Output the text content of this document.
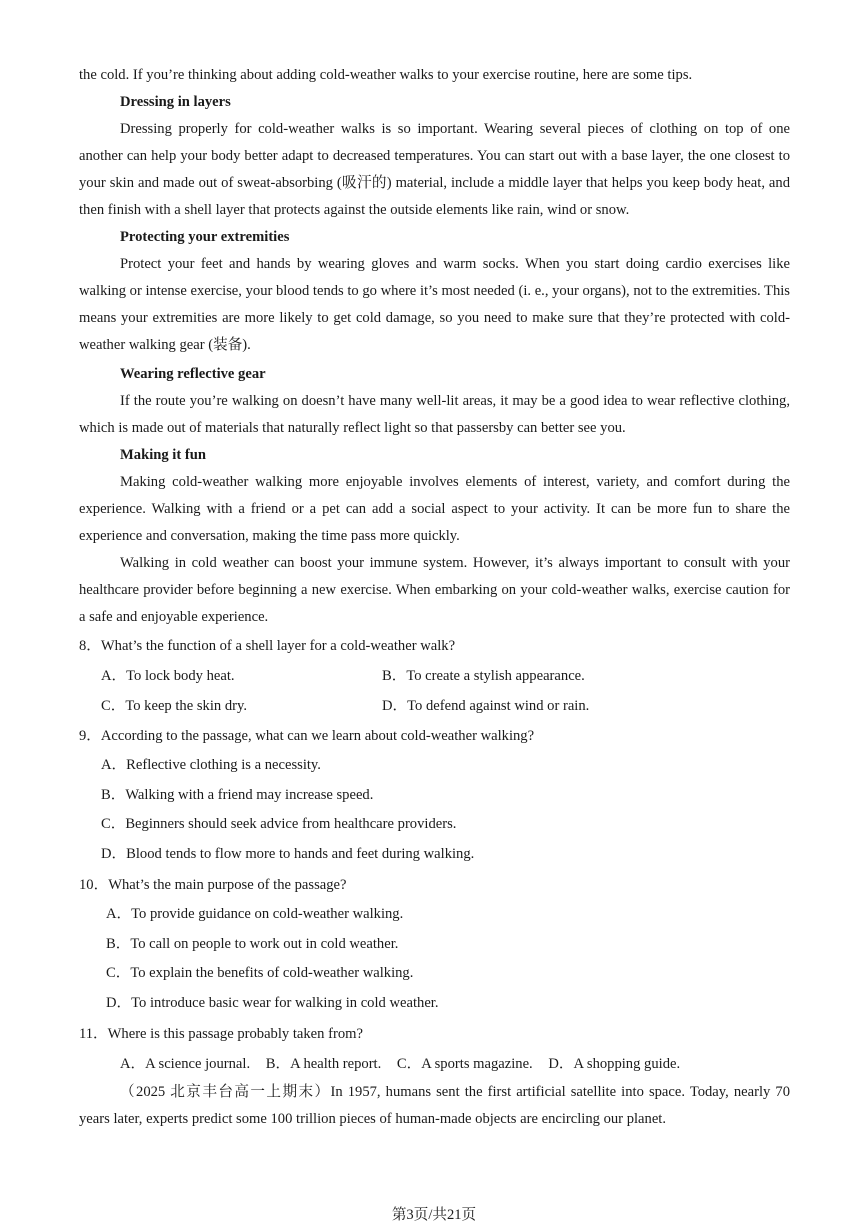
the cold. If you’re thinking about adding cold-weather walks to your exercise routine, here are some tips.

Dressing in layers

Dressing properly for cold-weather walks is so important. Wearing several pieces of clothing on top of one another can help your body better adapt to decreased temperatures. You can start out with a base layer, the one closest to your skin and made out of sweat-absorbing (吸汗的) material, include a middle layer that helps you keep body heat, and then finish with a shell layer that protects against the outside elements like rain, wind or snow.

Protecting your extremities

Protect your feet and hands by wearing gloves and warm socks. When you start doing cardio exercises like walking or intense exercise, your blood tends to go where it’s most needed (i. e., your organs), not to the extremities. This means your extremities are more likely to get cold damage, so you need to make sure that they’re protected with cold-weather walking gear (装备).

Wearing reflective gear

If the route you’re walking on doesn’t have many well-lit areas, it may be a good idea to wear reflective clothing, which is made out of materials that naturally reflect light so that passersby can better see you.

Making it fun

Making cold-weather walking more enjoyable involves elements of interest, variety, and comfort during the experience. Walking with a friend or a pet can add a social aspect to your activity. It can be more fun to share the experience and conversation, making the time pass more quickly.

Walking in cold weather can boost your immune system. However, it’s always important to consult with your healthcare provider before beginning a new exercise. When embarking on your cold-weather walks, exercise caution for a safe and enjoyable experience.

8．What’s the function of a shell layer for a cold-weather walk?

A．To lock body heat.	B．To create a stylish appearance.
C．To keep the skin dry.	D．To defend against wind or rain.

9．According to the passage, what can we learn about cold-weather walking?

A．Reflective clothing is a necessity.
B．Walking with a friend may increase speed.
C．Beginners should seek advice from healthcare providers.
D．Blood tends to flow more to hands and feet during walking.

10．What’s the main purpose of the passage?

A．To provide guidance on cold-weather walking.
B．To call on people to work out in cold weather.
C．To explain the benefits of cold-weather walking.
D．To introduce basic wear for walking in cold weather.

11．Where is this passage probably taken from?

A．A science journal. B．A health report. C．A sports magazine. D．A shopping guide.

（2025 北京丰台高一上期末）In 1957, humans sent the first artificial satellite into space. Today, nearly 70 years later, experts predict some 100 trillion pieces of human-made objects are encircling our planet.

第3页/共21页
